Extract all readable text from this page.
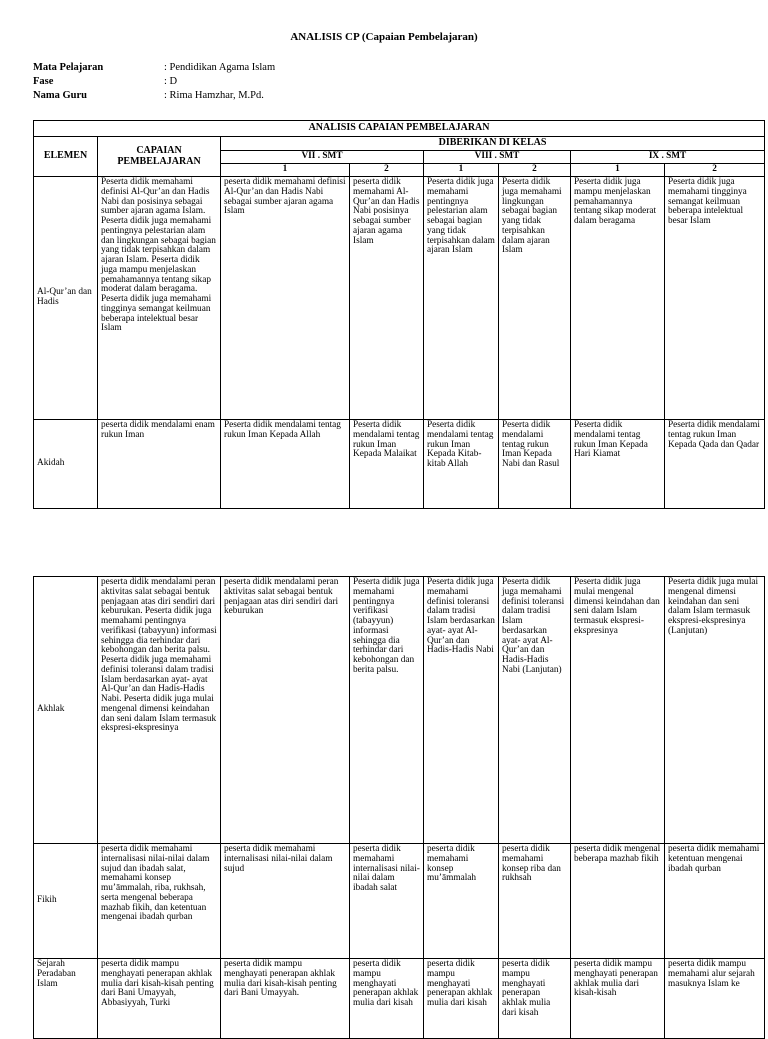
ANALISIS CP (Capaian Pembelajaran)
Mata Pelajaran	: Pendidikan Agama Islam
Fase	: D
Nama Guru	: Rima Hamzhar, M.Pd.
ANALISIS CAPAIAN PEMBELAJARAN							
ELEMEN	CAPAIAN PEMBELAJARAN	DIBERIKAN DI KELAS					
		VII . SMT		VIII . SMT		IX . SMT	
		1	2	1	2	1	2
Al-Qur’an dan Hadis	Peserta didik memahami definisi Al-Qur’an dan Hadis Nabi dan posisinya sebagai sumber ajaran agama Islam. Peserta didik juga memahami pentingnya pelestarian alam dan lingkungan sebagai bagian yang tidak terpisahkan dalam ajaran Islam. Peserta didik juga mampu menjelaskan pemahamannya tentang sikap moderat dalam beragama. Peserta didik juga memahami tingginya semangat keilmuan beberapa intelektual besar Islam	peserta didik memahami definisi Al-Qur’an dan Hadis Nabi sebagai sumber ajaran agama Islam	peserta didik memahami Al-Qur’an dan Hadis Nabi posisinya sebagai sumber ajaran agama Islam	Peserta didik juga memahami pentingnya pelestarian alam sebagai bagian yang tidak terpisahkan dalam ajaran Islam	Peserta didik juga memahami lingkungan sebagai bagian yang tidak terpisahkan dalam ajaran Islam	Peserta didik juga mampu menjelaskan pemahamannya tentang sikap moderat dalam beragama	Peserta didik juga memahami tingginya semangat keilmuan beberapa intelektual besar Islam
Akidah	peserta didik mendalami enam rukun Iman	Peserta didik mendalami tentag rukun Iman Kepada Allah	Peserta didik mendalami tentag rukun Iman Kepada Malaikat	Peserta didik mendalami tentag rukun Iman Kepada Kitab-kitab Allah	Peserta didik mendalami tentag rukun Iman Kepada Nabi dan Rasul	Peserta didik mendalami tentag rukun Iman Kepada Hari Kiamat	Peserta didik mendalami tentag rukun Iman Kepada Qada dan Qadar
Akhlak	peserta didik mendalami peran aktivitas salat sebagai bentuk penjagaan atas diri sendiri dari keburukan. Peserta didik juga memahami pentingnya verifikasi (tabayyun) informasi sehingga dia terhindar dari kebohongan dan berita palsu. Peserta didik juga memahami definisi toleransi dalam tradisi Islam berdasarkan ayat- ayat Al-Qur’an dan Hadis-Hadis Nabi. Peserta didik juga mulai mengenal dimensi keindahan dan seni dalam Islam termasuk ekspresi-ekspresinya	peserta didik mendalami peran aktivitas salat sebagai bentuk penjagaan atas diri sendiri dari keburukan	Peserta didik juga memahami pentingnya verifikasi (tabayyun) informasi sehingga dia terhindar dari kebohongan dan berita palsu.	Peserta didik juga memahami definisi toleransi dalam tradisi Islam berdasarkan ayat- ayat Al-Qur’an dan Hadis-Hadis Nabi	Peserta didik juga memahami definisi toleransi dalam tradisi Islam berdasarkan ayat- ayat Al-Qur’an dan Hadis-Hadis Nabi (Lanjutan)	Peserta didik juga mulai mengenal dimensi keindahan dan seni dalam Islam termasuk ekspresi-ekspresinya	Peserta didik juga mulai mengenal dimensi keindahan dan seni dalam Islam termasuk ekspresi-ekspresinya (Lanjutan)
Fikih	peserta didik memahami internalisasi nilai-nilai dalam sujud dan ibadah salat, memahami konsep mu’āmmalah, riba, rukhsah, serta mengenal beberapa mazhab fikih, dan ketentuan mengenai ibadah qurban	peserta didik memahami internalisasi nilai-nilai dalam sujud	peserta didik memahami internalisasi nilai-nilai dalam ibadah salat	peserta didik memahami konsep mu’āmmalah	peserta didik memahami konsep riba dan rukhsah	peserta didik mengenal beberapa mazhab fikih	peserta didik memahami ketentuan mengenai ibadah qurban
Sejarah Peradaban Islam	peserta didik mampu menghayati penerapan akhlak mulia dari kisah-kisah penting dari Bani Umayyah, Abbasiyyah, Turki	peserta didik mampu menghayati penerapan akhlak mulia dari kisah-kisah penting dari Bani Umayyah.	peserta didik mampu menghayati penerapan akhlak mulia dari kisah	peserta didik mampu menghayati penerapan akhlak mulia dari kisah	peserta didik mampu menghayati penerapan akhlak mulia dari kisah	peserta didik mampu menghayati penerapan akhlak mulia dari kisah-kisah	peserta didik mampu memahami alur sejarah masuknya Islam ke
